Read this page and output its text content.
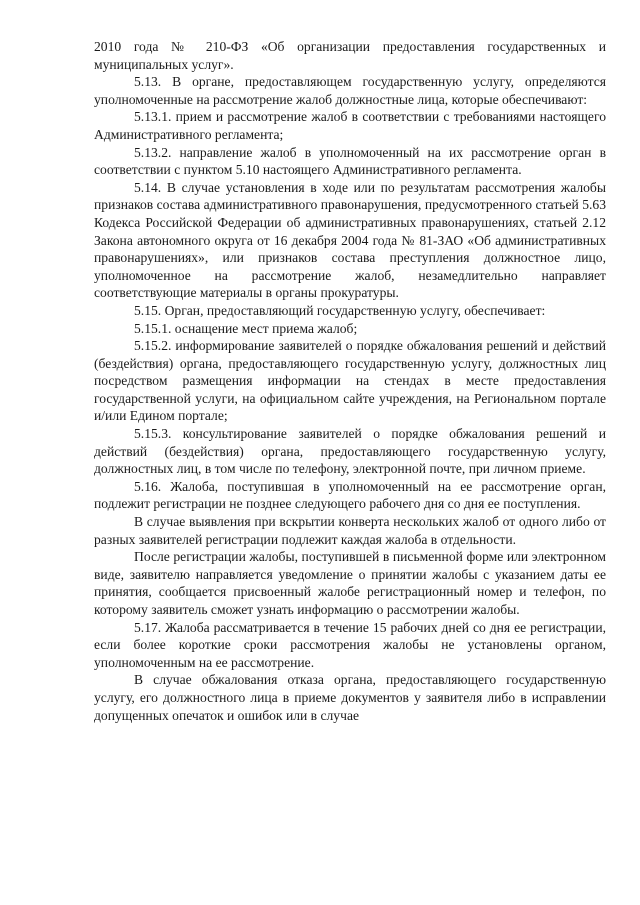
2010 года № 210-ФЗ «Об организации предоставления государственных и муниципальных услуг».

5.13. В органе, предоставляющем государственную услугу, определяются уполномоченные на рассмотрение жалоб должностные лица, которые обеспечивают:

5.13.1. прием и рассмотрение жалоб в соответствии с требованиями настоящего Административного регламента;

5.13.2. направление жалоб в уполномоченный на их рассмотрение орган в соответствии с пунктом 5.10 настоящего Административного регламента.

5.14. В случае установления в ходе или по результатам рассмотрения жалобы признаков состава административного правонарушения, предусмотренного статьей 5.63 Кодекса Российской Федерации об административных правонарушениях, статьей 2.12 Закона автономного округа от 16 декабря 2004 года № 81-ЗАО «Об административных правонарушениях», или признаков состава преступления должностное лицо, уполномоченное на рассмотрение жалоб, незамедлительно направляет соответствующие материалы в органы прокуратуры.

5.15. Орган, предоставляющий государственную услугу, обеспечивает:

5.15.1. оснащение мест приема жалоб;

5.15.2. информирование заявителей о порядке обжалования решений и действий (бездействия) органа, предоставляющего государственную услугу, должностных лиц посредством размещения информации на стендах в месте предоставления государственной услуги, на официальном сайте учреждения, на Региональном портале и/или Едином портале;

5.15.3. консультирование заявителей о порядке обжалования решений и действий (бездействия) органа, предоставляющего государственную услугу, должностных лиц, в том числе по телефону, электронной почте, при личном приеме.

5.16. Жалоба, поступившая в уполномоченный на ее рассмотрение орган, подлежит регистрации не позднее следующего рабочего дня со дня ее поступления.

В случае выявления при вскрытии конверта нескольких жалоб от одного либо от разных заявителей регистрации подлежит каждая жалоба в отдельности.

После регистрации жалобы, поступившей в письменной форме или электронном виде, заявителю направляется уведомление о принятии жалобы с указанием даты ее принятия, сообщается присвоенный жалобе регистрационный номер и телефон, по которому заявитель сможет узнать информацию о рассмотрении жалобы.

5.17. Жалоба рассматривается в течение 15 рабочих дней со дня ее регистрации, если более короткие сроки рассмотрения жалобы не установлены органом, уполномоченным на ее рассмотрение.

В случае обжалования отказа органа, предоставляющего государственную услугу, его должностного лица в приеме документов у заявителя либо в исправлении допущенных опечаток и ошибок или в случае
